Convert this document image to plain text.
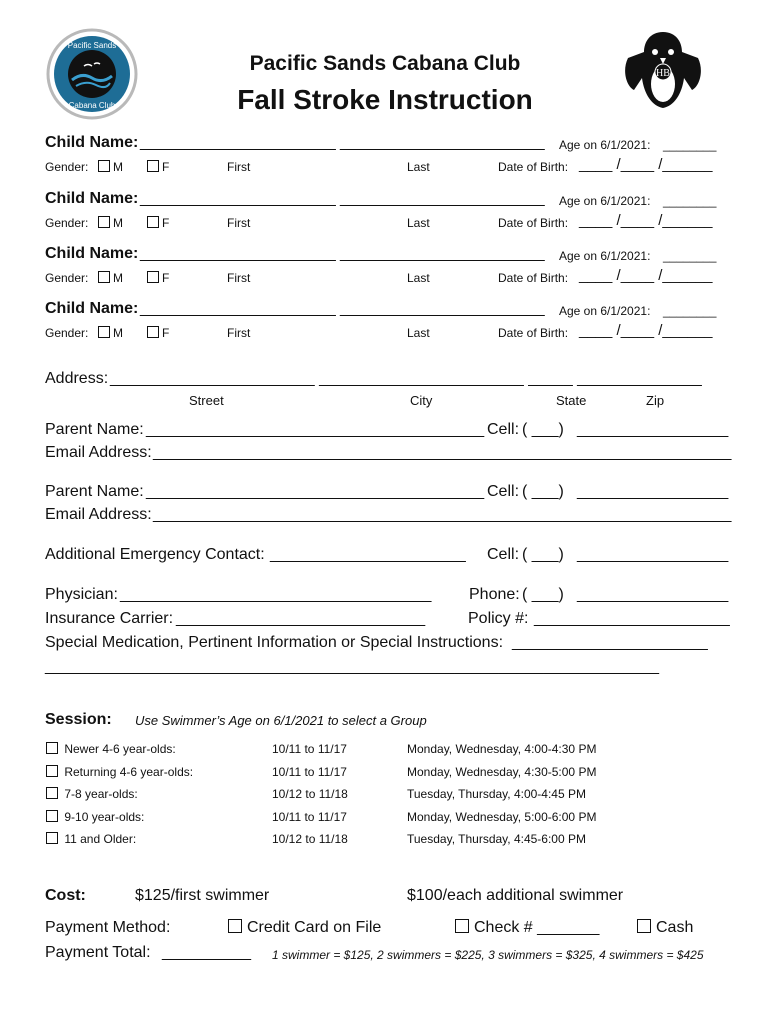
Pacific Sands
Cabana Club
Pacific Sands Cabana Club
Fall Stroke Instruction
HB
Child Name: ______________________ _______________________ Age on 6/1/2021: ________
Gender:	M	F	First	Last	Date of Birth: ____ /____ /______
Child Name: ______________________ _______________________ Age on 6/1/2021: ________
Gender:	M	F	First	Last	Date of Birth: ____ /____ /______
Child Name: ______________________ _______________________ Age on 6/1/2021: ________
Gender:	M	F	First	Last	Date of Birth: ____ /____ /______
Child Name: ______________________ _______________________ Age on 6/1/2021: ________
Gender:	M	F	First	Last	Date of Birth: ____ /____ /______
Address: _______________________ _______________________ _____ ______________
Street	City	State	Zip
Parent Name: ______________________________________ Cell: ( ___) _________________
Email Address: _________________________________________________________________
Parent Name: ______________________________________ Cell: ( ___) _________________
Email Address: _________________________________________________________________
Additional Emergency Contact: ______________________ Cell: ( ___) _________________
Physician: ___________________________________ Phone: ( ___) _________________
Insurance Carrier: ____________________________	Policy #: ______________________
Special Medication, Pertinent Information or Special Instructions: ______________________
_____________________________________________________________________
Session: Use Swimmer’s Age on 6/1/2021 to select a Group
Newer 4-6 year-olds:	10/11 to 11/17	Monday, Wednesday, 4:00-4:30 PM
Returning 4-6 year-olds:	10/11 to 11/17	Monday, Wednesday, 4:30-5:00 PM
7-8 year-olds:	10/12 to 11/18	Tuesday, Thursday, 4:00-4:45 PM
9-10 year-olds:	10/11 to 11/17	Monday, Wednesday, 5:00-6:00 PM
11 and Older:	10/12 to 11/18	Tuesday, Thursday, 4:45-6:00 PM
Cost:	$125/first swimmer	$100/each additional swimmer
Payment Method:	Credit Card on File	Check # _______	Cash
Payment Total: __________ 1 swimmer = $125, 2 swimmers = $225, 3 swimmers = $325, 4 swimmers = $425
